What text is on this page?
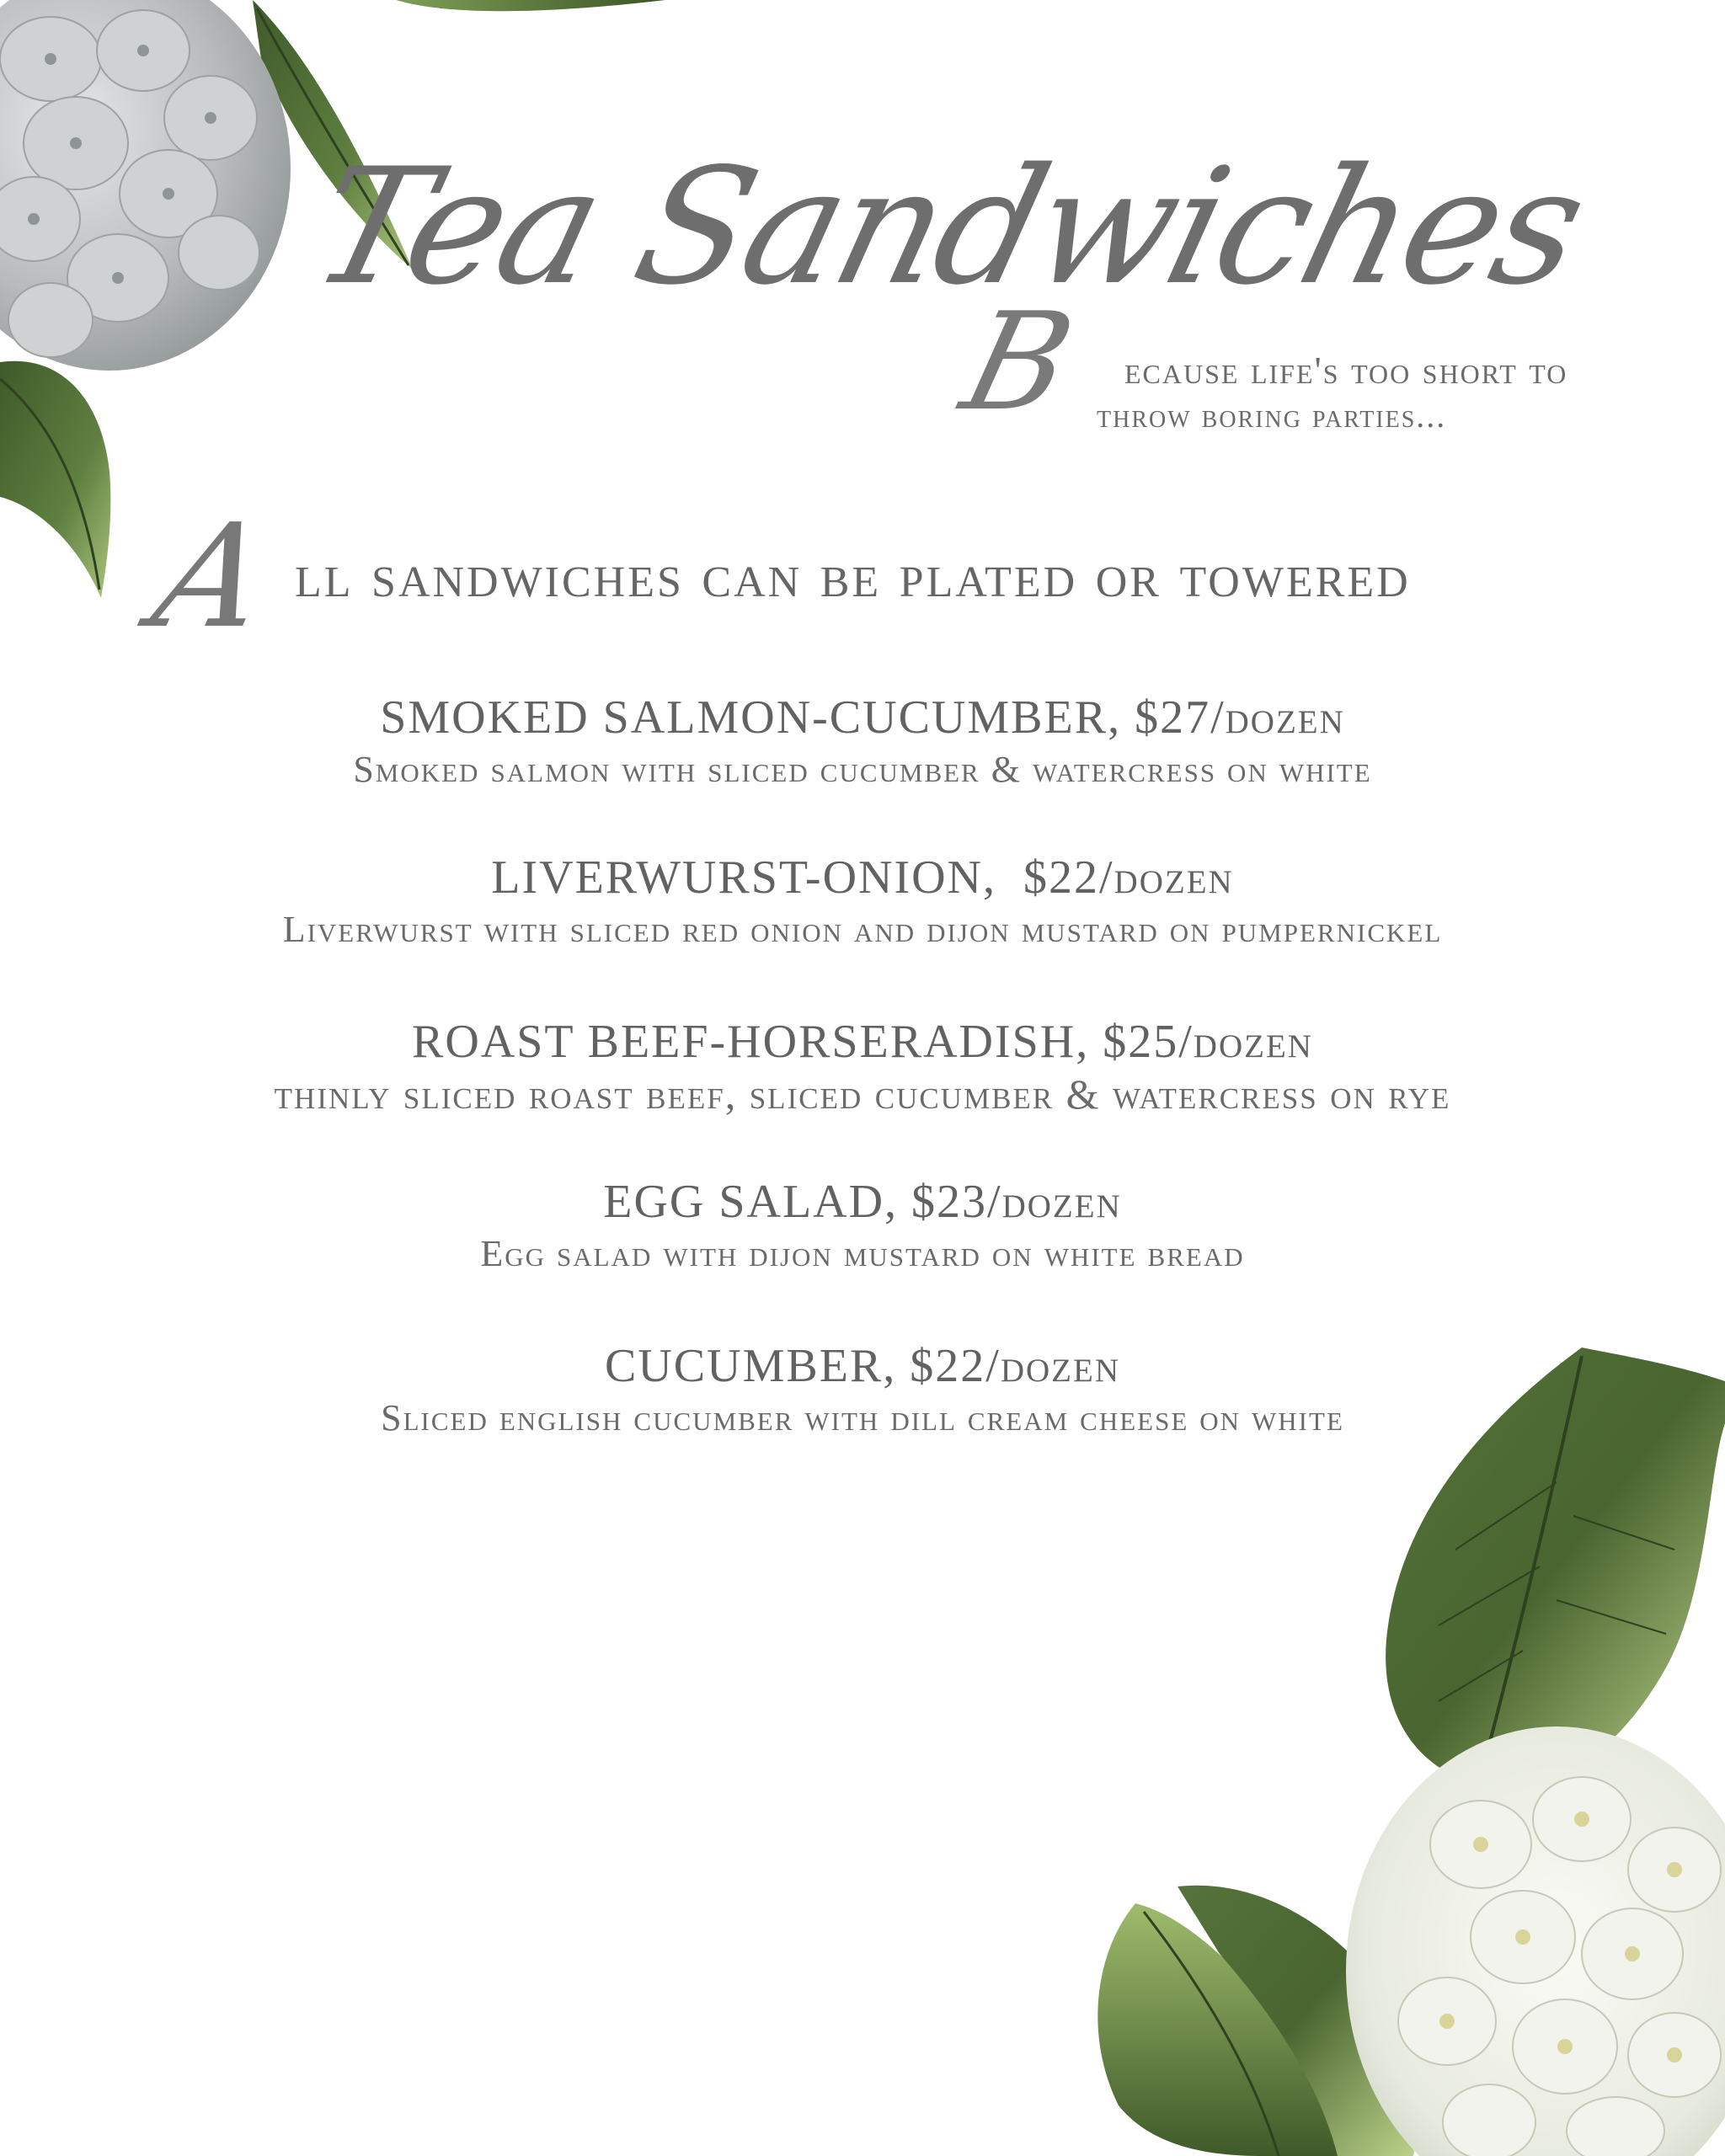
Tea Sandwiches
B ecause life's too short to
throw boring parties...
A ll sandwiches can be plated or towered
SMOKED SALMON-CUCUMBER, $27/dozen
Smoked salmon with sliced cucumber & watercress on white
LIVERWURST-ONION,  $22/dozen
Liverwurst with sliced red onion and dijon mustard on pumpernickel
ROAST BEEF-HORSERADISH, $25/dozen
thinly sliced roast beef, sliced cucumber & watercress on rye
EGG SALAD, $23/dozen
Egg salad with dijon mustard on white bread
CUCUMBER, $22/dozen
Sliced english cucumber with dill cream cheese on white
